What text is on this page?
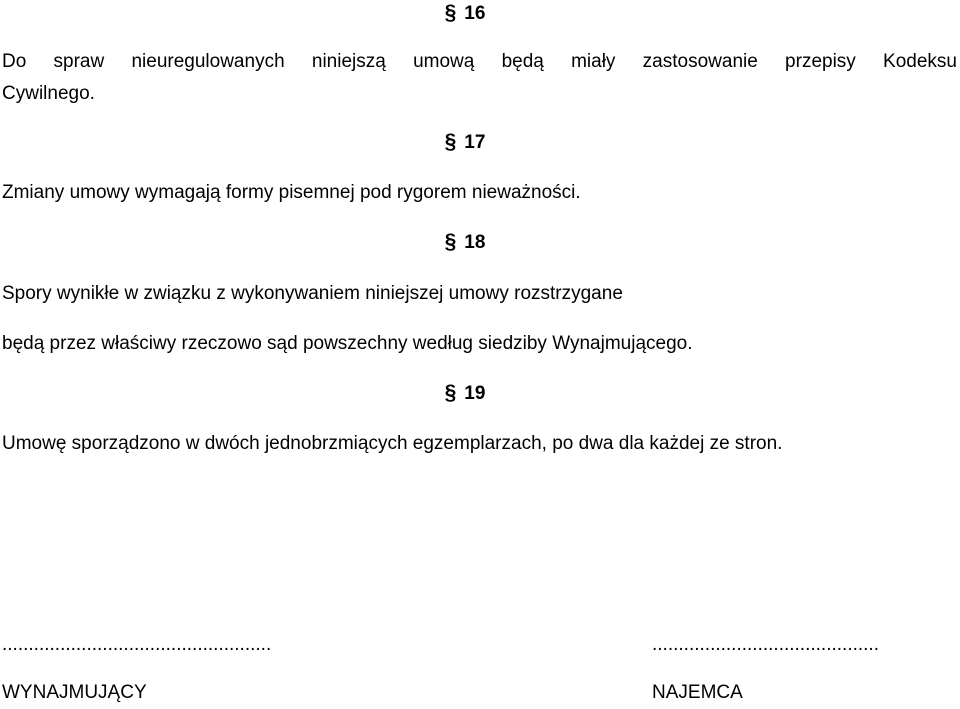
§ 16

Do spraw nieuregulowanych niniejszą umową będą miały zastosowanie przepisy Kodeksu

Cywilnego.

§ 17

Zmiany umowy wymagają formy pisemnej pod rygorem nieważności.

§ 18

Spory wynikłe w związku z wykonywaniem niniejszej umowy rozstrzygane

będą przez właściwy rzeczowo sąd powszechny według siedziby Wynajmującego.

§ 19

Umowę sporządzono w dwóch jednobrzmiących egzemplarzach, po dwa dla każdej ze stron.

...................................................

WYNAJMUJĄCY

...........................................

NAJEMCA
